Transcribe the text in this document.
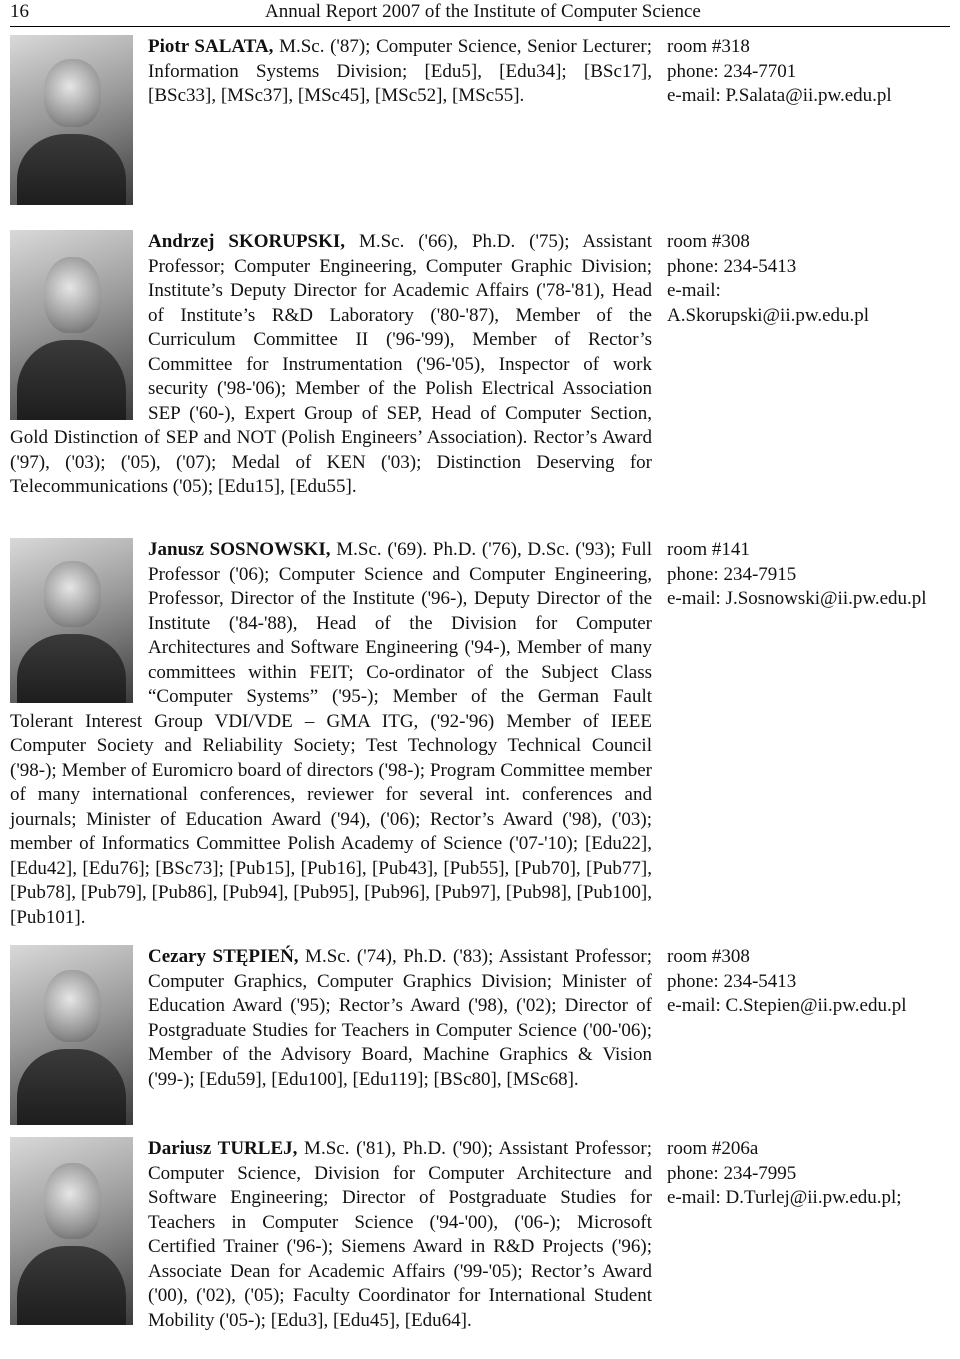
16	Annual Report 2007 of the Institute of Computer Science

Piotr SALATA, M.Sc. ('87); Computer Science, Senior Lecturer; Information Systems Division; [Edu5], [Edu34]; [BSc17], [BSc33], [MSc37], [MSc45], [MSc52], [MSc55].

room #318
phone: 234-7701
e-mail: P.Salata@ii.pw.edu.pl

Andrzej SKORUPSKI, M.Sc. ('66), Ph.D. ('75); Assistant Professor; Computer Engineering, Computer Graphic Division; Institute’s Deputy Director for Academic Affairs ('78-'81), Head of Institute’s R&D Laboratory ('80-'87), Member of the Curriculum Committee II ('96-'99), Member of Rector’s Committee for Instrumentation ('96-'05), Inspector of work security ('98-'06); Member of the Polish Electrical Association SEP ('60-), Expert Group of SEP, Head of Computer Section, Gold Distinction of SEP and NOT (Polish Engineers’ Association). Rector’s Award ('97), ('03); ('05), ('07); Medal of KEN ('03); Distinction Deserving for Telecommunications ('05); [Edu15], [Edu55].

room #308
phone: 234-5413
e-mail:
A.Skorupski@ii.pw.edu.pl

Janusz SOSNOWSKI, M.Sc. ('69). Ph.D. ('76), D.Sc. ('93); Full Professor ('06); Computer Science and Computer Engineering, Professor, Director of the Institute ('96-), Deputy Director of the Institute ('84-'88), Head of the Division for Computer Architectures and Software Engineering ('94-), Member of many committees within FEIT; Co-ordinator of the Subject Class “Computer Systems” ('95-); Member of the German Fault Tolerant Interest Group VDI/VDE – GMA ITG, ('92-'96) Member of IEEE Computer Society and Reliability Society; Test Technology Technical Council ('98-); Member of Euromicro board of directors ('98-); Program Committee member of many international conferences, reviewer for several int. conferences and journals; Minister of Education Award ('94), ('06); Rector’s Award ('98), ('03); member of Informatics Committee Polish Academy of Science ('07-'10); [Edu22], [Edu42], [Edu76]; [BSc73]; [Pub15], [Pub16], [Pub43], [Pub55], [Pub70], [Pub77], [Pub78], [Pub79], [Pub86], [Pub94], [Pub95], [Pub96], [Pub97], [Pub98], [Pub100], [Pub101].

room #141
phone: 234-7915
e-mail: J.Sosnowski@ii.pw.edu.pl

Cezary STĘPIEŃ, M.Sc. ('74), Ph.D. ('83); Assistant Professor; Computer Graphics, Computer Graphics Division; Minister of Education Award ('95); Rector’s Award ('98), ('02); Director of Postgraduate Studies for Teachers in Computer Science ('00-'06); Member of the Advisory Board, Machine Graphics & Vision ('99-); [Edu59], [Edu100], [Edu119]; [BSc80], [MSc68].

room #308
phone: 234-5413
e-mail: C.Stepien@ii.pw.edu.pl

Dariusz TURLEJ, M.Sc. ('81), Ph.D. ('90); Assistant Professor; Computer Science, Division for Computer Architecture and Software Engineering; Director of Postgraduate Studies for Teachers in Computer Science ('94-'00), ('06-); Microsoft Certified Trainer ('96-); Siemens Award in R&D Projects ('96); Associate Dean for Academic Affairs ('99-'05); Rector’s Award ('00), ('02), ('05); Faculty Coordinator for International Student Mobility ('05-); [Edu3], [Edu45], [Edu64].

room #206a
phone: 234-7995
e-mail: D.Turlej@ii.pw.edu.pl;
